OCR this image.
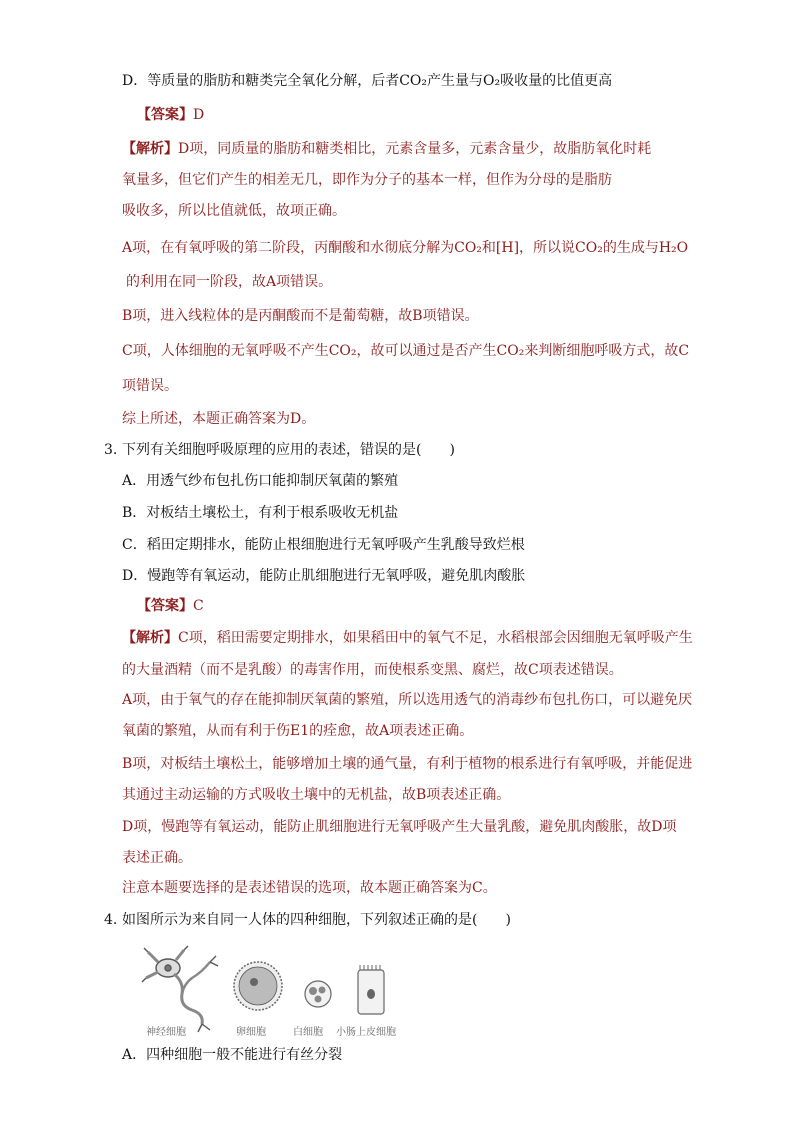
D．等质量的脂肪和糖类完全氧化分解，后者CO₂产生量与O₂吸收量的比值更高
【答案】D
【解析】D项，同质量的脂肪和糖类相比，元素含量多，元素含量少，故脂肪氧化时耗
氧量多，但它们产生的相差无几，即作为分子的基本一样，但作为分母的是脂肪
吸收多，所以比值就低，故项正确。
A项，在有氧呼吸的第二阶段，丙酮酸和水彻底分解为CO₂和[H]，所以说CO₂的生成与H₂O
的利用在同一阶段，故A项错误。
B项，进入线粒体的是丙酮酸而不是葡萄糖，故B项错误。
C项，人体细胞的无氧呼吸不产生CO₂，故可以通过是否产生CO₂来判断细胞呼吸方式，故C
项错误。
综上所述，本题正确答案为D。
3. 下列有关细胞呼吸原理的应用的表述，错误的是(　　)
A．用透气纱布包扎伤口能抑制厌氧菌的繁殖
B．对板结土壤松土，有利于根系吸收无机盐
C．稻田定期排水，能防止根细胞进行无氧呼吸产生乳酸导致烂根
D．慢跑等有氧运动，能防止肌细胞进行无氧呼吸，避免肌肉酸胀
【答案】C
【解析】C项，稻田需要定期排水，如果稻田中的氧气不足，水稻根部会因细胞无氧呼吸产生
的大量酒精（而不是乳酸）的毒害作用，而使根系变黑、腐烂，故C项表述错误。
A项，由于氧气的存在能抑制厌氧菌的繁殖，所以选用透气的消毒纱布包扎伤口，可以避免厌
氧菌的繁殖，从而有利于伤E1的痊愈，故A项表述正确。
B项，对板结土壤松土，能够增加土壤的通气量，有利于植物的根系进行有氧呼吸，并能促进
其通过主动运输的方式吸收土壤中的无机盐，故B项表述正确。
D项，慢跑等有氧运动，能防止肌细胞进行无氧呼吸产生大量乳酸，避免肌肉酸胀，故D项
表述正确。
注意本题要选择的是表述错误的选项，故本题正确答案为C。
4. 如图所示为来自同一人体的四种细胞，下列叙述正确的是(　　)
神经细胞	卵细胞	白细胞 小肠上皮细胞
A．四种细胞一般不能进行有丝分裂
